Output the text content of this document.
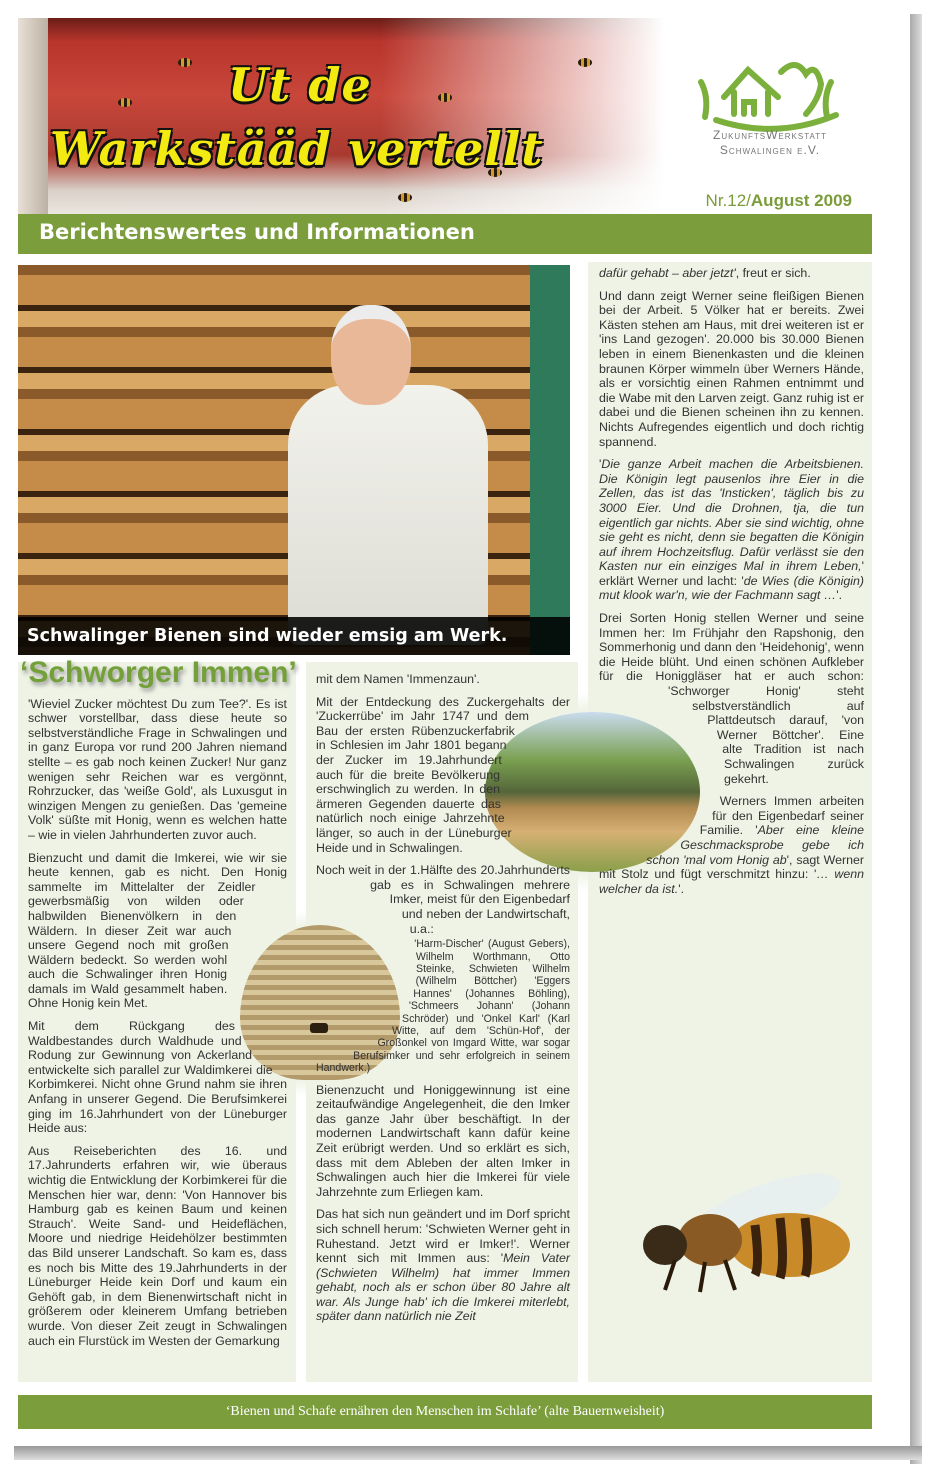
Ut de
Warkstääd vertellt	ZukunftsWerkstatt
Schwalingen e.V.
Nr.12/August 2009
Berichtenswertes und Informationen
Schwalinger Bienen sind wieder emsig am Werk.

dafür gehabt – aber jetzt', freut er sich.

Und dann zeigt Werner seine fleißigen Bienen bei der Arbeit. 5 Völker hat er bereits. Zwei Kästen stehen am Haus, mit drei weiteren ist er 'ins Land gezogen'. 20.000 bis 30.000 Bienen leben in einem Bienenkasten und die kleinen braunen Körper wimmeln über Werners Hände, als er vorsichtig einen Rahmen entnimmt und die Wabe mit den Larven zeigt. Ganz ruhig ist er dabei und die Bienen scheinen ihn zu kennen. Nichts Aufregendes eigentlich und doch richtig spannend.

'Die ganze Arbeit machen die Arbeitsbienen. Die Königin legt pausenlos ihre Eier in die Zellen, das ist das 'Insticken', täglich bis zu 3000 Eier. Und die Drohnen, tja, die tun eigentlich gar nichts. Aber sie sind wichtig, ohne sie geht es nicht, denn sie begatten die Königin auf ihrem Hochzeitsflug. Dafür verlässt sie den Kasten nur ein einziges Mal in ihrem Leben,' erklärt Werner und lacht: 'de Wies (die Königin) mut klook war'n, wie der Fachmann sagt …'.

Drei Sorten Honig stellen Werner und seine Immen her: Im Frühjahr den Rapshonig, den Sommerhonig und dann den 'Heidehonig', wenn die Heide blüht. Und einen schönen Aufkleber für die Honiggläser hat er auch schon: 'Schworger Honig' steht selbstverständlich auf Plattdeutsch darauf, 'von Werner Böttcher'. Eine alte Tradition ist nach Schwalingen zurück gekehrt.

Werners Immen arbeiten für den Eigenbedarf seiner Familie. 'Aber eine kleine Geschmacksprobe gebe ich schon 'mal vom Honig ab', sagt Werner mit Stolz und fügt verschmitzt hinzu: '… wenn welcher da ist.'.

‘Schworger Immen’

'Wieviel Zucker möchtest Du zum Tee?'. Es ist schwer vorstellbar, dass diese heute so selbstverständliche Frage in Schwalingen und in ganz Europa vor rund 200 Jahren niemand stellte – es gab noch keinen Zucker! Nur ganz wenigen sehr Reichen war es vergönnt, Rohrzucker, das 'weiße Gold', als Luxusgut in winzigen Mengen zu genießen. Das 'gemeine Volk' süßte mit Honig, wenn es welchen hatte – wie in vielen Jahrhunderten zuvor auch.

Bienzucht und damit die Imkerei, wie wir sie heute kennen, gab es nicht. Den Honig sammelte im Mittelalter der Zeidler gewerbsmäßig von wilden oder halbwilden Bienenvölkern in den Wäldern. In dieser Zeit war auch unsere Gegend noch mit großen Wäldern bedeckt. So werden wohl auch die Schwalinger ihren Honig damals im Wald gesammelt haben. Ohne Honig kein Met.

Mit dem Rückgang des Waldbestandes durch Waldhude und Rodung zur Gewinnung von Ackerland entwickelte sich parallel zur Waldimkerei die Korbimkerei. Nicht ohne Grund nahm sie ihren Anfang in unserer Gegend. Die Berufsimkerei ging im 16.Jahrhundert von der Lüneburger Heide aus:

Aus Reiseberichten des 16. und 17.Jahrunderts erfahren wir, wie überaus wichtig die Entwicklung der Korbimkerei für die Menschen hier war, denn: 'Von Hannover bis Hamburg gab es keinen Baum und keinen Strauch'. Weite Sand- und Heideflächen, Moore und niedrige Heidehölzer bestimmten das Bild unserer Landschaft. So kam es, dass es noch bis Mitte des 19.Jahrhunderts in der Lüneburger Heide kein Dorf und kaum ein Gehöft gab, in dem Bienenwirtschaft nicht in größerem oder kleinerem Umfang betrieben wurde. Von dieser Zeit zeugt in Schwalingen auch ein Flurstück im Westen der Gemarkung

mit dem Namen 'Immenzaun'.

Mit der Entdeckung des Zuckergehalts der 'Zuckerrübe' im Jahr 1747 und dem Bau der ersten Rübenzuckerfabrik in Schlesien im Jahr 1801 begann der Zucker im 19.Jahrhundert auch für die breite Bevölkerung erschwinglich zu werden. In den ärmeren Gegenden dauerte das natürlich noch einige Jahrzehnte länger, so auch in der Lüneburger Heide und in Schwalingen.

Noch weit in der 1.Hälfte des 20.Jahrhunderts gab es in Schwalingen mehrere Imker, meist für den Eigenbedarf und neben der Landwirtschaft, u.a.:

'Harm-Discher' (August Gebers), Wilhelm Worthmann, Otto Steinke, Schwieten Wilhelm (Wilhelm Böttcher) 'Eggers Hannes' (Johannes Böhling), 'Schmeers Johann' (Johann Schröder) und 'Onkel Karl' (Karl Witte, auf dem 'Schün-Hof', der Großonkel von Imgard Witte, war sogar Berufsimker und sehr erfolgreich in seinem Handwerk.)

Bienenzucht und Honiggewinnung ist eine zeitaufwändige Angelegenheit, die den Imker das ganze Jahr über beschäftigt. In der modernen Landwirtschaft kann dafür keine Zeit erübrigt werden. Und so erklärt es sich, dass mit dem Ableben der alten Imker in Schwalingen auch hier die Imkerei für viele Jahrzehnte zum Erliegen kam.

Das hat sich nun geändert und im Dorf spricht sich schnell herum: 'Schwieten Werner geht in Ruhestand. Jetzt wird er Imker!'. Werner kennt sich mit Immen aus: 'Mein Vater (Schwieten Wilhelm) hat immer Immen gehabt, noch als er schon über 80 Jahre alt war. Als Junge hab' ich die Imkerei miterlebt, später dann natürlich nie Zeit

‘Bienen und Schafe ernähren den Menschen im Schlafe’ (alte Bauernweisheit)
